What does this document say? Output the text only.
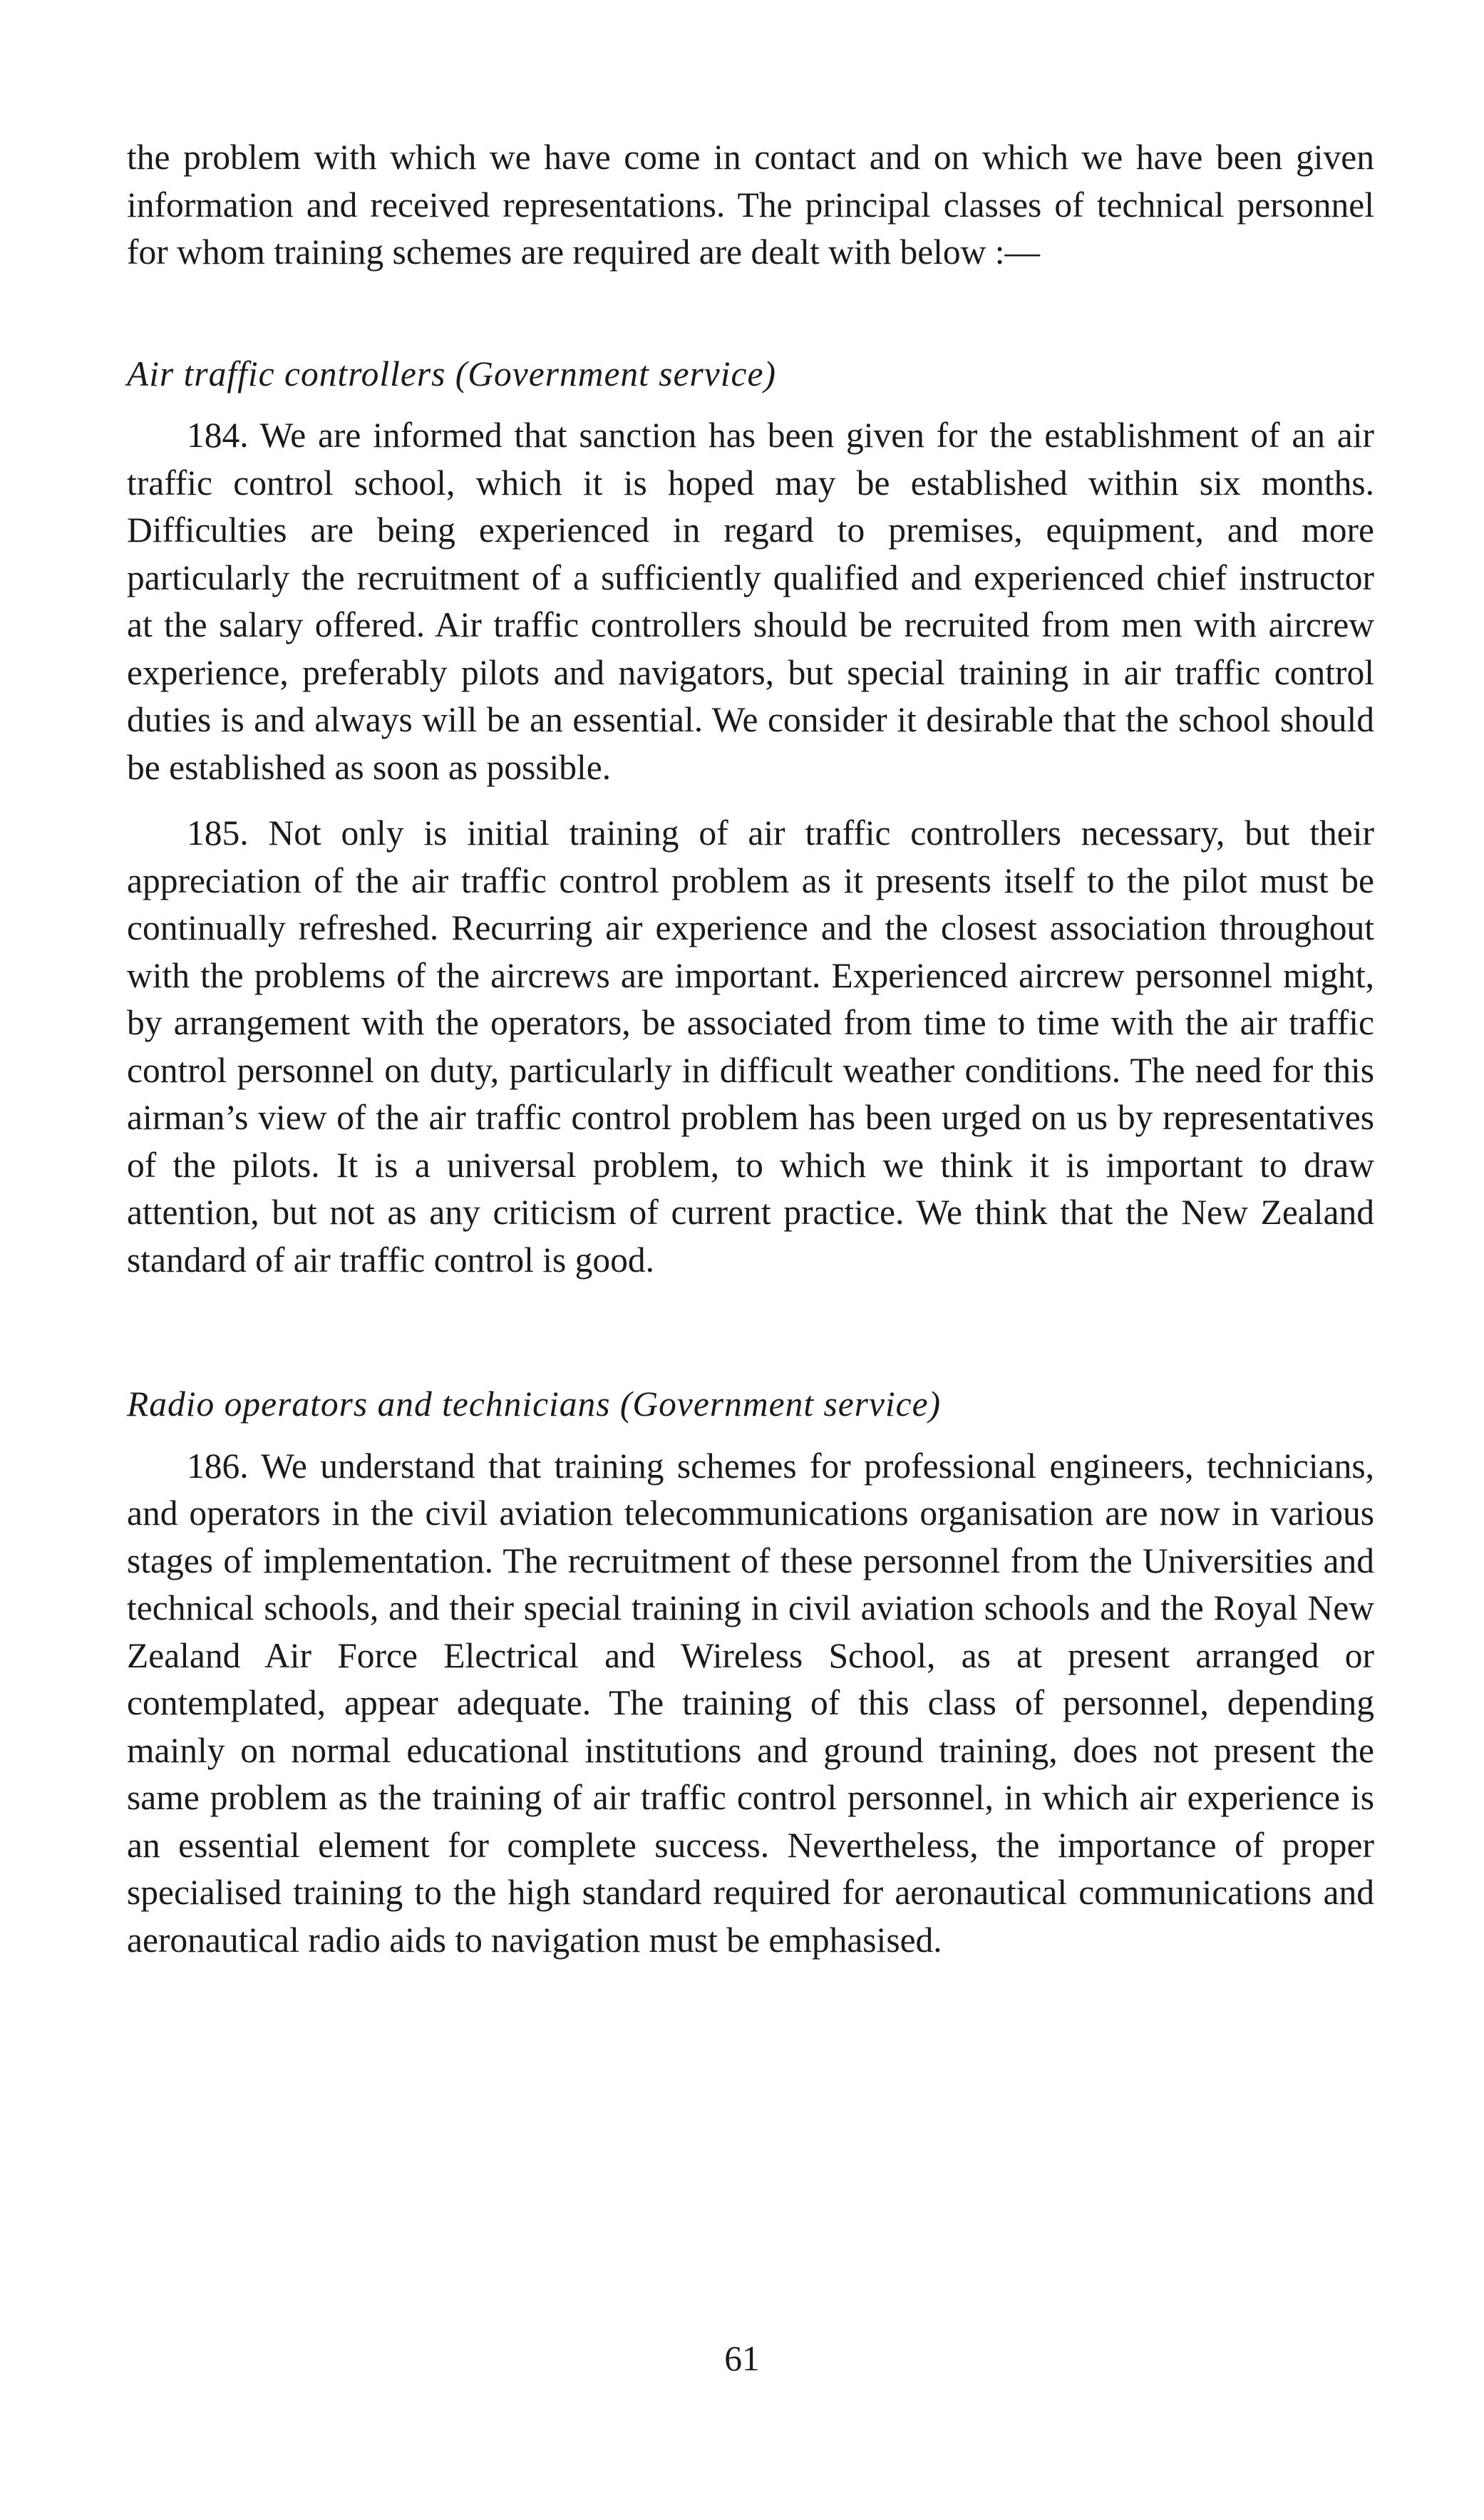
the problem with which we have come in contact and on which we have been given information and received representations. The principal classes of technical personnel for whom training schemes are required are dealt with below :—

Air traffic controllers (Government service)

184. We are informed that sanction has been given for the establishment of an air traffic control school, which it is hoped may be established within six months. Difficulties are being experienced in regard to premises, equipment, and more particularly the recruitment of a sufficiently qualified and experienced chief instructor at the salary offered. Air traffic controllers should be recruited from men with aircrew experience, preferably pilots and navigators, but special training in air traffic control duties is and always will be an essential. We consider it desirable that the school should be established as soon as possible.

185. Not only is initial training of air traffic controllers necessary, but their appreciation of the air traffic control problem as it presents itself to the pilot must be continually refreshed. Recurring air experience and the closest association throughout with the problems of the aircrews are important. Experienced aircrew personnel might, by arrangement with the operators, be associated from time to time with the air traffic control personnel on duty, particularly in difficult weather conditions. The need for this airman’s view of the air traffic control problem has been urged on us by representatives of the pilots. It is a universal problem, to which we think it is important to draw attention, but not as any criticism of current practice. We think that the New Zealand standard of air traffic control is good.

Radio operators and technicians (Government service)

186. We understand that training schemes for professional engineers, technicians, and operators in the civil aviation telecommunications organisation are now in various stages of implementation. The recruitment of these personnel from the Universities and technical schools, and their special training in civil aviation schools and the Royal New Zealand Air Force Electrical and Wireless School, as at present arranged or contemplated, appear adequate. The training of this class of personnel, depending mainly on normal educational institutions and ground training, does not present the same problem as the training of air traffic control personnel, in which air experience is an essential element for complete success. Nevertheless, the importance of proper specialised training to the high standard required for aeronautical communications and aeronautical radio aids to navigation must be emphasised.

61
